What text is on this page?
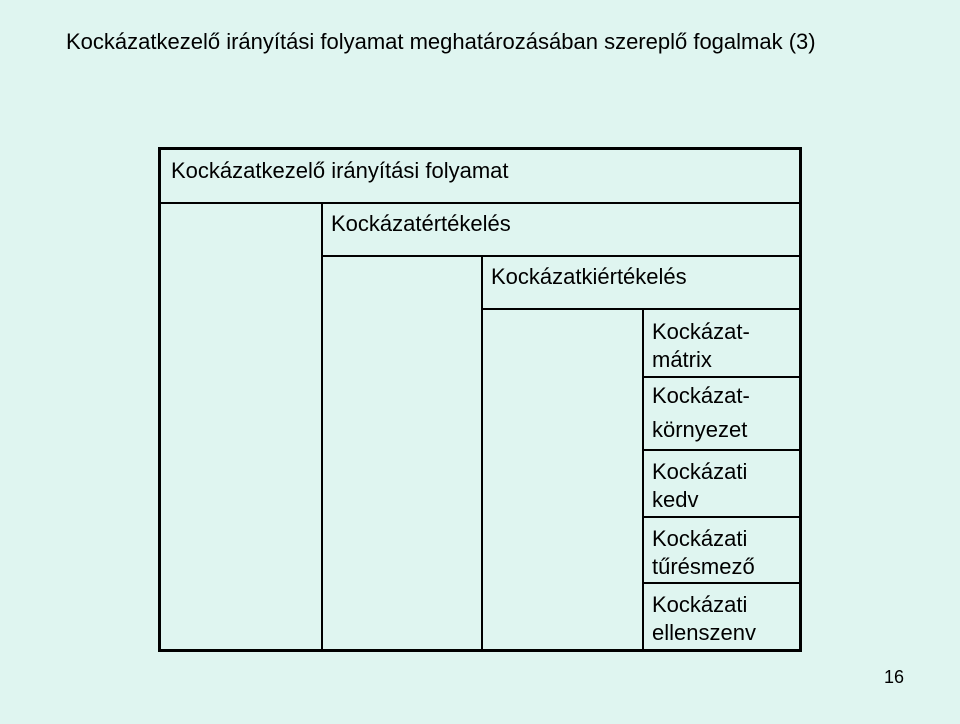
Kockázatkezelő irányítási folyamat meghatározásában szereplő fogalmak (3)
Kockázatkezelő irányítási folyamat
Kockázatértékelés
Kockázatkiértékelés
Kockázat-
mátrix
Kockázat-
környezet
Kockázati
kedv
Kockázati
tűrésmező
Kockázati
ellenszenv
16
